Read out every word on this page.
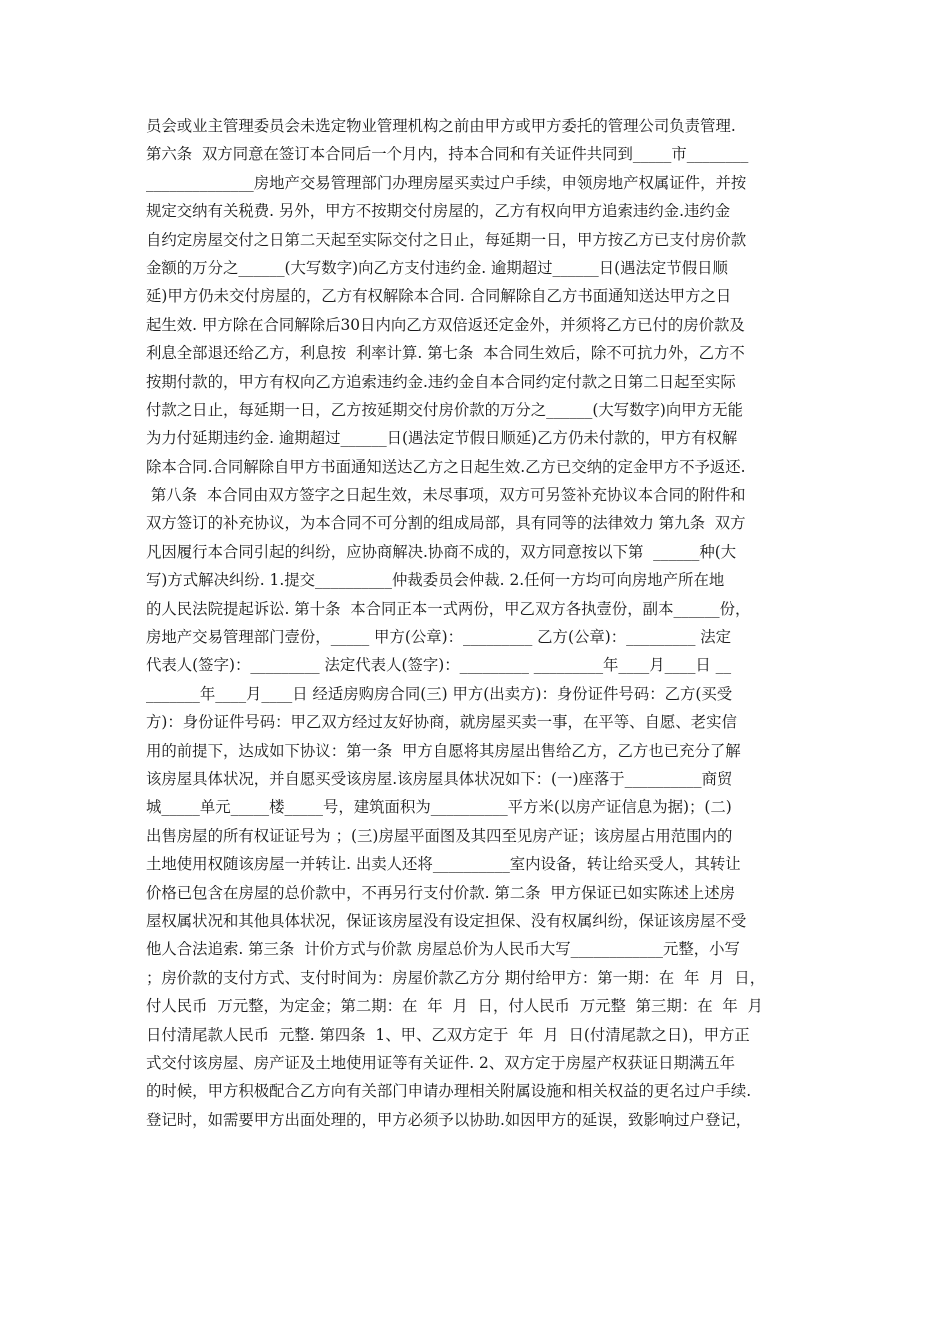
员会或业主管理委员会未选定物业管理机构之前由甲方或甲方委托的管理公司负责管理.
第六条  双方同意在签订本合同后一个月内，持本合同和有关证件共同到_____市________
______________房地产交易管理部门办理房屋买卖过户手续，申领房地产权属证件，并按
规定交纳有关税费. 另外，甲方不按期交付房屋的，乙方有权向甲方追索违约金.违约金
自约定房屋交付之日第二天起至实际交付之日止，每延期一日，甲方按乙方已支付房价款
金额的万分之______(大写数字)向乙方支付违约金. 逾期超过______日(遇法定节假日顺
延)甲方仍未交付房屋的，乙方有权解除本合同. 合同解除自乙方书面通知送达甲方之日
起生效. 甲方除在合同解除后30日内向乙方双倍返还定金外，并须将乙方已付的房价款及
利息全部退还给乙方，利息按  利率计算. 第七条  本合同生效后，除不可抗力外，乙方不
按期付款的，甲方有权向乙方追索违约金.违约金自本合同约定付款之日第二日起至实际
付款之日止，每延期一日，乙方按延期交付房价款的万分之______(大写数字)向甲方无能
为力付延期违约金. 逾期超过______日(遇法定节假日顺延)乙方仍未付款的，甲方有权解
除本合同.合同解除自甲方书面通知送达乙方之日起生效.乙方已交纳的定金甲方不予返还.
第八条  本合同由双方签字之日起生效，未尽事项，双方可另签补充协议本合同的附件和
双方签订的补充协议，为本合同不可分割的组成局部，具有同等的法律效力 第九条  双方
凡因履行本合同引起的纠纷，应协商解决.协商不成的，双方同意按以下第  ______种(大
写)方式解决纠纷. 1.提交__________仲裁委员会仲裁. 2.任何一方均可向房地产所在地
的人民法院提起诉讼. 第十条  本合同正本一式两份，甲乙双方各执壹份，副本______份，
房地产交易管理部门壹份，_____ 甲方(公章)：_________ 乙方(公章)：_________ 法定
代表人(签字)：_________ 法定代表人(签字)：_________ _________年____月____日 __
_______年____月____日 经适房购房合同(三) 甲方(出卖方)：身份证件号码：乙方(买受
方)：身份证件号码：甲乙双方经过友好协商，就房屋买卖一事，在平等、自愿、老实信
用的前提下，达成如下协议：第一条  甲方自愿将其房屋出售给乙方，乙方也已充分了解
该房屋具体状况，并自愿买受该房屋.该房屋具体状况如下：(一)座落于__________商贸
城_____单元_____楼_____号，建筑面积为__________平方米(以房产证信息为据)；(二)
出售房屋的所有权证证号为 ；(三)房屋平面图及其四至见房产证；该房屋占用范围内的
土地使用权随该房屋一并转让. 出卖人还将__________室内设备，转让给买受人，其转让
价格已包含在房屋的总价款中，不再另行支付价款. 第二条  甲方保证已如实陈述上述房
屋权属状况和其他具体状况，保证该房屋没有设定担保、没有权属纠纷，保证该房屋不受
他人合法追索. 第三条  计价方式与价款 房屋总价为人民币大写____________元整，小写
；房价款的支付方式、支付时间为：房屋价款乙方分 期付给甲方：第一期：在  年  月  日，
付人民币  万元整，为定金；第二期：在  年  月  日，付人民币  万元整  第三期：在  年  月
日付清尾款人民币  元整. 第四条  1、甲、乙双方定于  年  月  日(付清尾款之日)，甲方正
式交付该房屋、房产证及土地使用证等有关证件. 2、双方定于房屋产权获证日期满五年
的时候，甲方积极配合乙方向有关部门申请办理相关附属设施和相关权益的更名过户手续.
登记时，如需要甲方出面处理的，甲方必须予以协助.如因甲方的延误，致影响过户登记，
